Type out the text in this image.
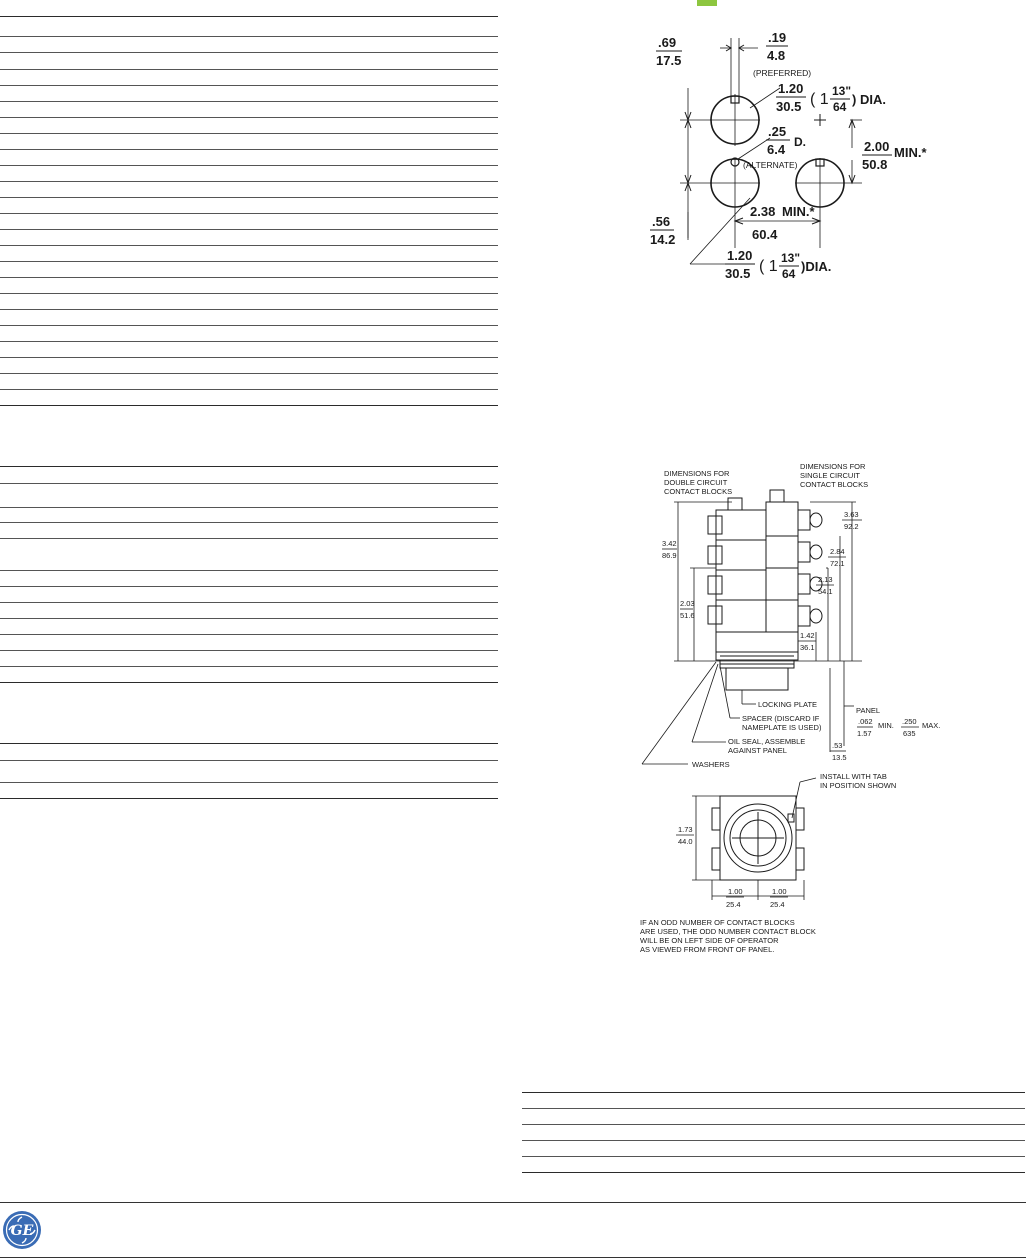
.69
17.5
.19
4.8
(PREFERRED)
1.20
30.5 ( 1 13"
64 ) DIA.
.25
6.4 D.
(ALTERNATE)
2.00
50.8
MIN.*
.56
14.2
2.38 MIN.*
60.4
1.20
30.5 ( 1 13"
64 )DIA.
DIMENSIONS FOR
DOUBLE CIRCUIT
CONTACT BLOCKS
DIMENSIONS FOR
SINGLE CIRCUIT
CONTACT BLOCKS
3.42
86.9
2.03
51.6
3.63
92.2
2.84
72.1
2.13
54.1
1.42
36.1
PANEL
.062
1.57
MIN. .250
635
MAX.
.53
13.5
LOCKING PLATE
SPACER (DISCARD IF
NAMEPLATE IS USED)
OIL SEAL, ASSEMBLE
AGAINST PANEL
WASHERS
1.73
44.0
1.00
25.4
1.00
25.4
INSTALL WITH TAB
IN POSITION SHOWN
IF AN ODD NUMBER OF CONTACT BLOCKS
ARE USED, THE ODD NUMBER CONTACT BLOCK
WILL BE ON LEFT SIDE OF OPERATOR
AS VIEWED FROM FRONT OF PANEL.
GE
